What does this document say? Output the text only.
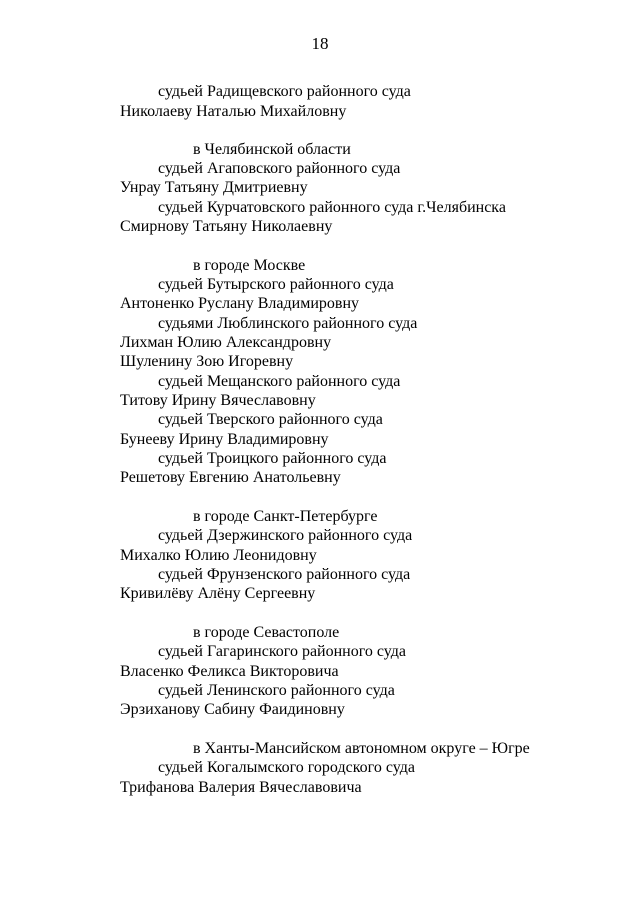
18
судьей Радищевского районного суда
Николаеву Наталью Михайловну
в Челябинской области
судьей Агаповского районного суда
Унрау Татьяну Дмитриевну
судьей Курчатовского районного суда г.Челябинска
Смирнову Татьяну Николаевну
в городе Москве
судьей Бутырского районного суда
Антоненко Руслану Владимировну
судьями Люблинского районного суда
Лихман Юлию Александровну
Шуленину Зою Игоревну
судьей Мещанского районного суда
Титову Ирину Вячеславовну
судьей Тверского районного суда
Бунееву Ирину Владимировну
судьей Троицкого районного суда
Решетову Евгению Анатольевну
в городе Санкт-Петербурге
судьей Дзержинского районного суда
Михалко Юлию Леонидовну
судьей Фрунзенского районного суда
Кривилёву Алёну Сергеевну
в городе Севастополе
судьей Гагаринского районного суда
Власенко Феликса Викторовича
судьей Ленинского районного суда
Эрзиханову Сабину Фаидиновну
в Ханты-Мансийском автономном округе – Югре
судьей Когалымского городского суда
Трифанова Валерия Вячеславовича
